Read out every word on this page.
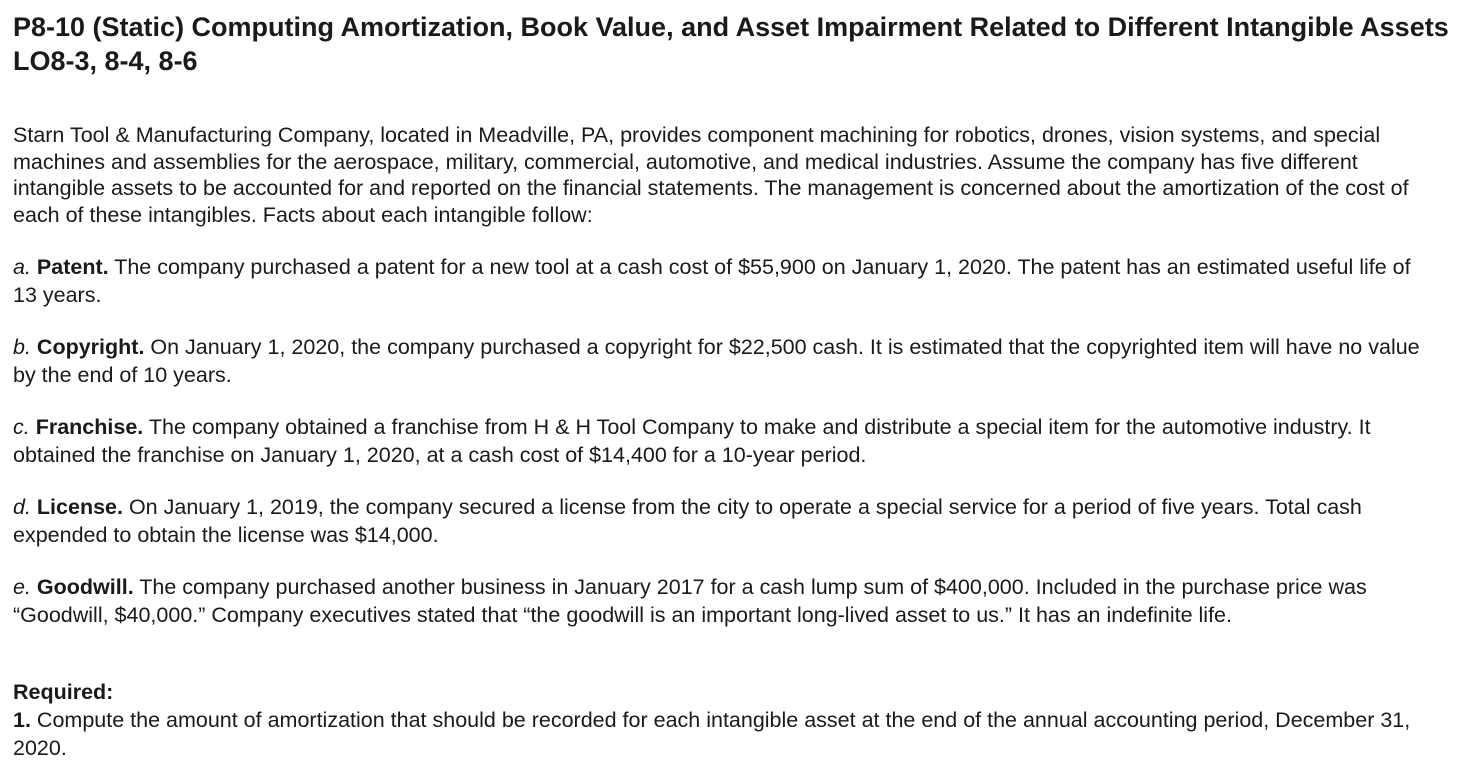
P8-10 (Static) Computing Amortization, Book Value, and Asset Impairment Related to Different Intangible Assets LO8-3, 8-4, 8-6

Starn Tool & Manufacturing Company, located in Meadville, PA, provides component machining for robotics, drones, vision systems, and special machines and assemblies for the aerospace, military, commercial, automotive, and medical industries. Assume the company has five different intangible assets to be accounted for and reported on the financial statements. The management is concerned about the amortization of the cost of each of these intangibles. Facts about each intangible follow:

a. Patent. The company purchased a patent for a new tool at a cash cost of $55,900 on January 1, 2020. The patent has an estimated useful life of 13 years.

b. Copyright. On January 1, 2020, the company purchased a copyright for $22,500 cash. It is estimated that the copyrighted item will have no value by the end of 10 years.

c. Franchise. The company obtained a franchise from H & H Tool Company to make and distribute a special item for the automotive industry. It obtained the franchise on January 1, 2020, at a cash cost of $14,400 for a 10-year period.

d. License. On January 1, 2019, the company secured a license from the city to operate a special service for a period of five years. Total cash expended to obtain the license was $14,000.

e. Goodwill. The company purchased another business in January 2017 for a cash lump sum of $400,000. Included in the purchase price was “Goodwill, $40,000.” Company executives stated that “the goodwill is an important long-lived asset to us.” It has an indefinite life.

Required:

1. Compute the amount of amortization that should be recorded for each intangible asset at the end of the annual accounting period, December 31, 2020.
